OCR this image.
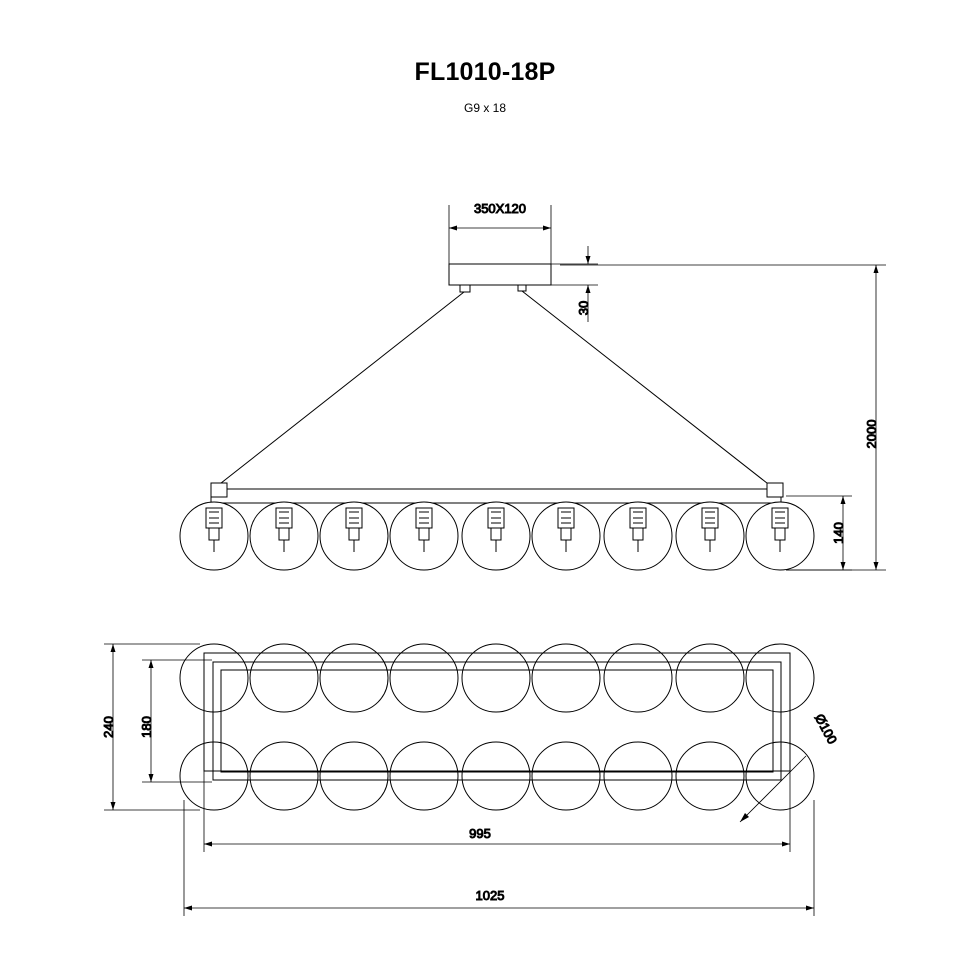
FL1010-18P
G9 x 18
350X120
30
140
2000
240 180	Ø100
995
1025
